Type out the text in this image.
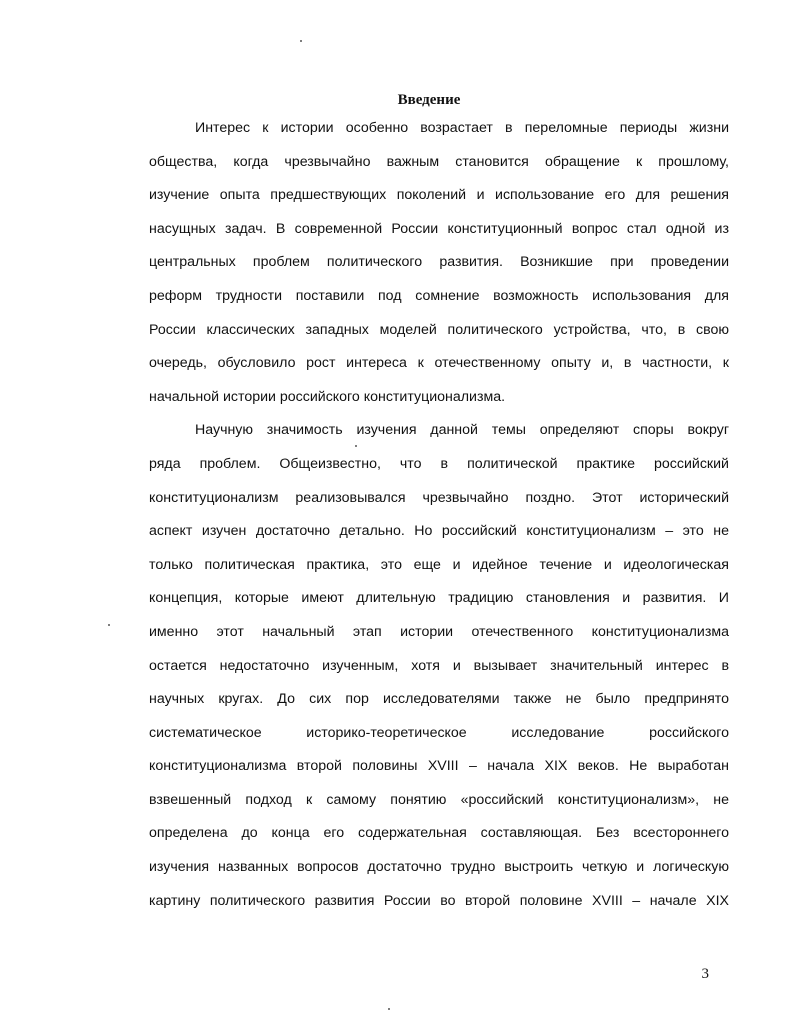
Введение
Интерес к истории особенно возрастает в переломные периоды жизни
общества, когда чрезвычайно важным становится обращение к прошлому,
изучение опыта предшествующих поколений и использование его для решения
насущных задач. В современной России конституционный вопрос стал одной из
центральных проблем политического развития. Возникшие при проведении
реформ трудности поставили под сомнение возможность использования для
России классических западных моделей политического устройства, что, в свою
очередь, обусловило рост интереса к отечественному опыту и, в частности, к
начальной истории российского конституционализма.
Научную значимость изучения данной темы определяют споры вокруг
ряда проблем. Общеизвестно, что в политической практике российский
конституционализм реализовывался чрезвычайно поздно. Этот исторический
аспект изучен достаточно детально. Но российский конституционализм – это не
только политическая практика, это еще и идейное течение и идеологическая
концепция, которые имеют длительную традицию становления и развития. И
именно этот начальный этап истории отечественного конституционализма
остается недостаточно изученным, хотя и вызывает значительный интерес в
научных кругах. До сих пор исследователями также не было предпринято
систематическое историко-теоретическое исследование российского
конституционализма второй половины XVIII – начала XIX веков. Не выработан
взвешенный подход к самому понятию «российский конституционализм», не
определена до конца его содержательная составляющая. Без всестороннего
изучения названных вопросов достаточно трудно выстроить четкую и логическую
картину политического развития России во второй половине XVIII – начале XIX
3
